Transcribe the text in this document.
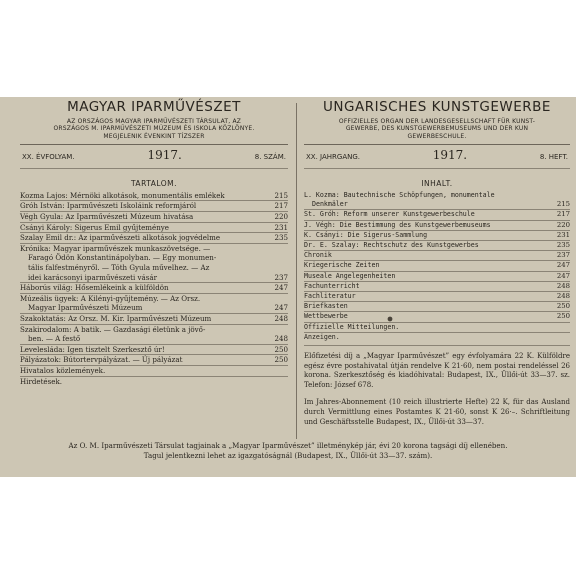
MAGYAR IPARMŰVÉSZET
AZ ORSZÁGOS MAGYAR IPARMŰVÉSZETI TÁRSULAT, AZ
ORSZÁGOS M. IPARMŰVÉSZETI MÚZEUM ÉS ISKOLA KÖZLÖNYE.
MEGJELENIK ÉVENKINT TÍZSZER
XX. ÉVFOLYAM.	1917.	8. SZÁM.
TARTALOM.
Kozma Lajos: Mérnöki alkotások, monumentális emlékek	215
Gróh István: Iparművészeti Iskoláink reformjáról	217
Végh Gyula: Az Iparművészeti Múzeum hivatása	220
Csányi Károly: Sigerus Emil gyűjteménye	231
Szalay Emil dr.: Az iparművészeti alkotások jogvédelme	235
Krónika: Magyar iparművészek munkaszövetsége. —
Faragó Ödön Konstantinápolyban. — Egy monumen-
tális falfestményről. — Tóth Gyula művelhez. — Az
idei karácsonyi iparművészeti vásár	237
Háborús világ: Hősemlékeink a külföldön	247
Múzeális ügyek: A Kilényi-gyűjtemény. — Az Orsz.
Magyar Iparművészeti Múzeum	247
Szakoktatás: Az Orsz. M. Kir. Iparművészeti Múzeum	248
Szakirodalom: A batik. — Gazdasági életünk a jövő-
ben. — A festő	248
Levelesláda: Igen tisztelt Szerkesztő úr!	250
Pályázatok: Bútortervpályázat. — Új pályázat	250
Hivatalos közlemények.
Hirdetések.
UNGARISCHES KUNSTGEWERBE
OFFIZIELLES ORGAN DER LANDESGESELLSCHAFT FÜR KUNST-
GEWERBE, DES KUNSTGEWERBEMUSEUMS UND DER KUN
GEWERBESCHULE.
XX. JAHRGANG.	1917.	8. HEFT.
INHALT.
L. Kozma: Bautechnische Schöpfungen, monumentale
Denkmäler	215
St. Gróh: Reform unserer Kunstgewerbeschule	217
J. Végh: Die Bestimmung des Kunstgewerbemuseums	220
K. Csányi: Die Sigerus-Sammlung	231
Dr. E. Szalay: Rechtschutz des Kunstgewerbes	235
Chronik	237
Kriegerische Zeiten	247
Museale Angelegenheiten	247
Fachunterricht	248
Fachliteratur	248
Briefkasten	250
Wettbewerbe	250
Offizielle Mitteilungen.
Anzeigen.
Előfizetési díj a „Magyar Iparművészet” egy évfolyamára 22 K. Külföldre egész évre postahivatal útján rendelve K 21·60, nem postai rendeléssel 26 korona. Szerkesztőség és kiadóhivatal: Budapest, IX., Üllői-út 33—37. sz. Telefon: József 678.
Im Jahres-Abonnement (10 reich illustrierte Hefte) 22 K, für das Ausland durch Vermittlung eines Postamtes K 21·60, sonst K 26·–. Schriftleitung und Geschäftsstelle Budapest, IX., Üllői-út 33—37.
Az O. M. Iparművészeti Társulat tagjainak a „Magyar Iparművészet” illetménykép jár, évi 20 korona tagsági díj ellenében.
Tagul jelentkezni lehet az igazgatóságnál (Budapest, IX., Üllői-út 33—37. szám).
